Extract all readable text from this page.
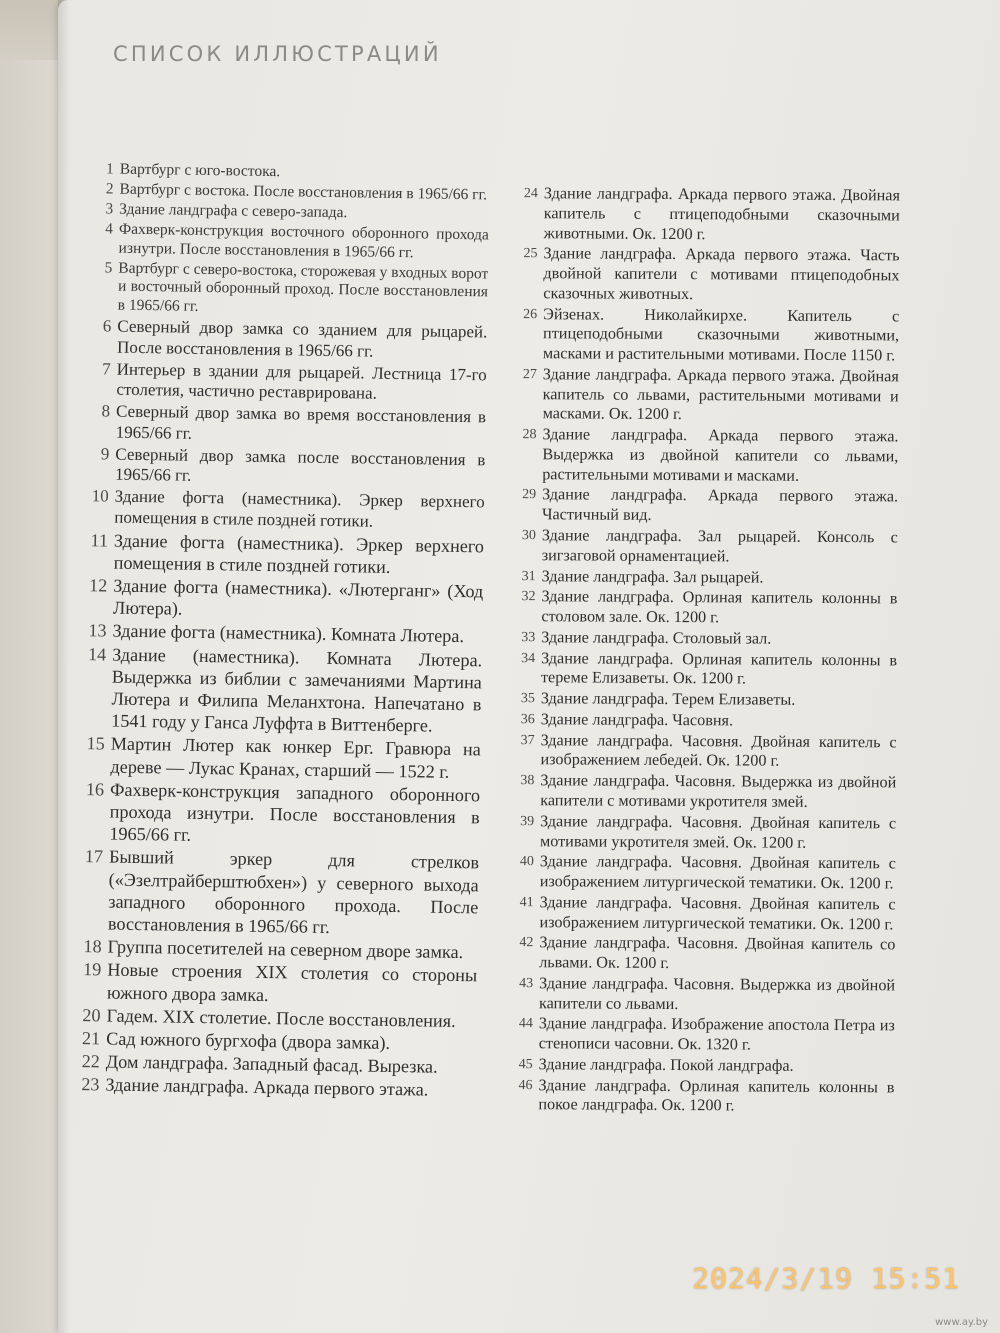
СПИСОК ИЛЛЮСТРАЦИЙ
1 Вартбург с юго-востока.
2 Вартбург с востока. После восстановления в 1965/66 гг.
3 Здание ландграфа с северо-запада.
4 Фахверк-конструкция восточного оборонного прохода изнутри. После восстановления в 1965/66 гг.
5 Вартбург с северо-востока, сторожевая у входных ворот и восточный оборонный проход. После восстановления в 1965/66 гг.
6 Северный двор замка со зданием для рыцарей. После восстановления в 1965/66 гг.
7 Интерьер в здании для рыцарей. Лестница 17-го столетия, частично реставрирована.
8 Северный двор замка во время восстановления в 1965/66 гг.
9 Северный двор замка после восстановления в 1965/66 гг.
10 Здание фогта (наместника). Эркер верхнего помещения в стиле поздней готики.
11 Здание фогта (наместника). Эркер верхнего помещения в стиле поздней готики.
12 Здание фогта (наместника). «Лютерганг» (Ход Лютера).
13 Здание фогта (наместника). Комната Лютера.
14 Здание (наместника). Комната Лютера. Выдержка из библии с замечаниями Мартина Лютера и Филипа Меланхтона. Напечатано в 1541 году у Ганса Луффта в Виттенберге.
15 Мартин Лютер как юнкер Ерг. Гравюра на дереве — Лукас Кранах, старший — 1522 г.
16 Фахверк-конструкция западного оборонного прохода изнутри. После восстановления в 1965/66 гг.
17 Бывший эркер для стрелков («Эзелтрайберштюбхен») у северного выхода западного оборонного прохода. После восстановления в 1965/66 гг.
18 Группа посетителей на северном дворе замка.
19 Новые строения XIX столетия со стороны южного двора замка.
20 Гадем. XIX столетие. После восстановления.
21 Сад южного бургхофа (двора замка).
22 Дом ландграфа. Западный фасад. Вырезка.
23 Здание ландграфа. Аркада первого этажа.
24 Здание ландграфа. Аркада первого этажа. Двойная капитель с птицеподобными сказочными животными. Ок. 1200 г.
25 Здание ландграфа. Аркада первого этажа. Часть двойной капители с мотивами птицеподобных сказочных животных.
26 Эйзенах. Николайкирхе. Капитель с птицеподобными сказочными животными, масками и растительными мотивами. После 1150 г.
27 Здание ландграфа. Аркада первого этажа. Двойная капитель со львами, растительными мотивами и масками. Ок. 1200 г.
28 Здание ландграфа. Аркада первого этажа. Выдержка из двойной капители со львами, растительными мотивами и масками.
29 Здание ландграфа. Аркада первого этажа. Частичный вид.
30 Здание ландграфа. Зал рыцарей. Консоль с зигзаговой орнаментацией.
31 Здание ландграфа. Зал рыцарей.
32 Здание ландграфа. Орлиная капитель колонны в столовом зале. Ок. 1200 г.
33 Здание ландграфа. Столовый зал.
34 Здание ландграфа. Орлиная капитель колонны в тереме Елизаветы. Ок. 1200 г.
35 Здание ландграфа. Терем Елизаветы.
36 Здание ландграфа. Часовня.
37 Здание ландграфа. Часовня. Двойная капитель с изображением лебедей. Ок. 1200 г.
38 Здание ландграфа. Часовня. Выдержка из двойной капители с мотивами укротителя змей.
39 Здание ландграфа. Часовня. Двойная капитель с мотивами укротителя змей. Ок. 1200 г.
40 Здание ландграфа. Часовня. Двойная капитель с изображением литургической тематики. Ок. 1200 г.
41 Здание ландграфа. Часовня. Двойная капитель с изображением литургической тематики. Ок. 1200 г.
42 Здание ландграфа. Часовня. Двойная капитель со львами. Ок. 1200 г.
43 Здание ландграфа. Часовня. Выдержка из двойной капители со львами.
44 Здание ландграфа. Изображение апостола Петра из стенописи часовни. Ок. 1320 г.
45 Здание ландграфа. Покой ландграфа.
46 Здание ландграфа. Орлиная капитель колонны в покое ландграфа. Ок. 1200 г.
2024/3/19 15:51
www.ay.by
